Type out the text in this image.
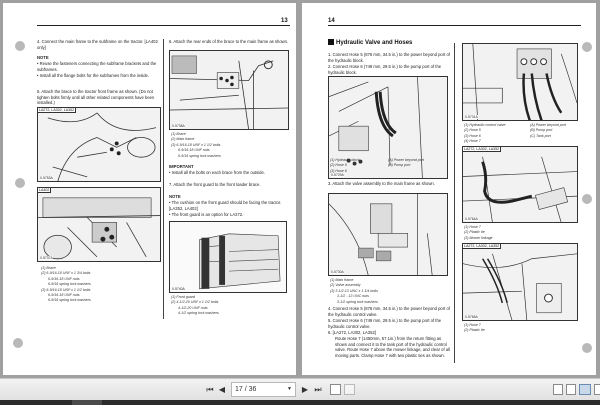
13
4. Connect the main frame to the subframe on the tractor. [LA402 only]
NOTE
• Reuse the fasteners connecting the subframe brackets and the subframes.
• Install all the flange bolts for the subframes from the inside.
5. Attach the brace to the tractor front frame as shown. (Do not tighten bolts firmly until all other related components have been installed.)
LA272, LA302, LA352
0-5753A
LA402
0-5737A
(1) Brace
(2) 6-9/16-18 UNF x 1 3/4 bolts
6-9/16-18 UNF nuts
6-9/16 spring lock washers
(3) 6-9/16-18 UNF x 1 1/2 bolts
6-9/16-18 UNF nuts
6-9/16 spring lock washers
6. Attach the rear ends of the brace to the main frame as shown.
0-5738A
(1) Brace
(2) Main frame
(3) 6-9/16-18 UNF x 1 1/2 bolts
6-9/16-18 UNF nuts
6-9/16 spring lock washers
IMPORTANT
• Install all the bolts on each brace from the outside.
7. Attach the front guard to the front loader brace.
NOTE
• The cushion on the front guard should be facing the tractor. [LA352, LA402]
• The front guard is an option for LA272.
0-5740A
(1) Front guard
(2) 4-1/2-20 UNF x 1 1/2 bolts
4-1/2-20 UNF nuts
4-1/2 spring lock washers
14
Hydraulic Valve and Hoses
1. Connect Hose 5 (876 mm, 34.5 in.) to the power beyond port of the hydraulic block.
2. Connect Hose 6 (749 mm, 29.5 in.) to the pump port of the hydraulic block.
0-5729A
(1) Hydraulic block
(2) Hose 5
(3) Hose 6
(A) Power beyond port
(B) Pump port
3. Attach the valve assembly to the main frame as shown.
0-5730A
(1) Main frame
(2) Valve assembly
(3) 3-1/2-13 UNC x 1 1/4 bolts
3-1/2 - 13 UNC nuts
3-1/2 spring lock washers
4. Connect Hose 5 (876 mm, 34.5 in.) to the power beyond port of the hydraulic control valve.
5. Connect Hose 6 (749 mm, 29.5 in.) to the pump port of the hydraulic control valve.
6. [LA272, LA302, LA352]
Route Hose 7 (1450mm, 57.1in.) from the return fitting as shown and connect it to the tank port of the hydraulic control valve. Route Hose 7 above the mower linkage, and clear of all moving parts. Clamp Hose 7 with two plastic ties as shown.
0-5731A
(1) Hydraulic control valve
(2) Hose 5
(3) Hose 6
(4) Hose 7
(A) Power beyond port
(B) Pump port
(C) Tank port
LA272, LA302, LA352
0-5764A
(1) Hose 7
(2) Plastic tie
(3) Mower linkage
LA272, LA302, LA352
0-5765A
(1) Hose 7
(2) Plastic tie
⏮ ◀	17 / 36	▼ ▶ ⏭
